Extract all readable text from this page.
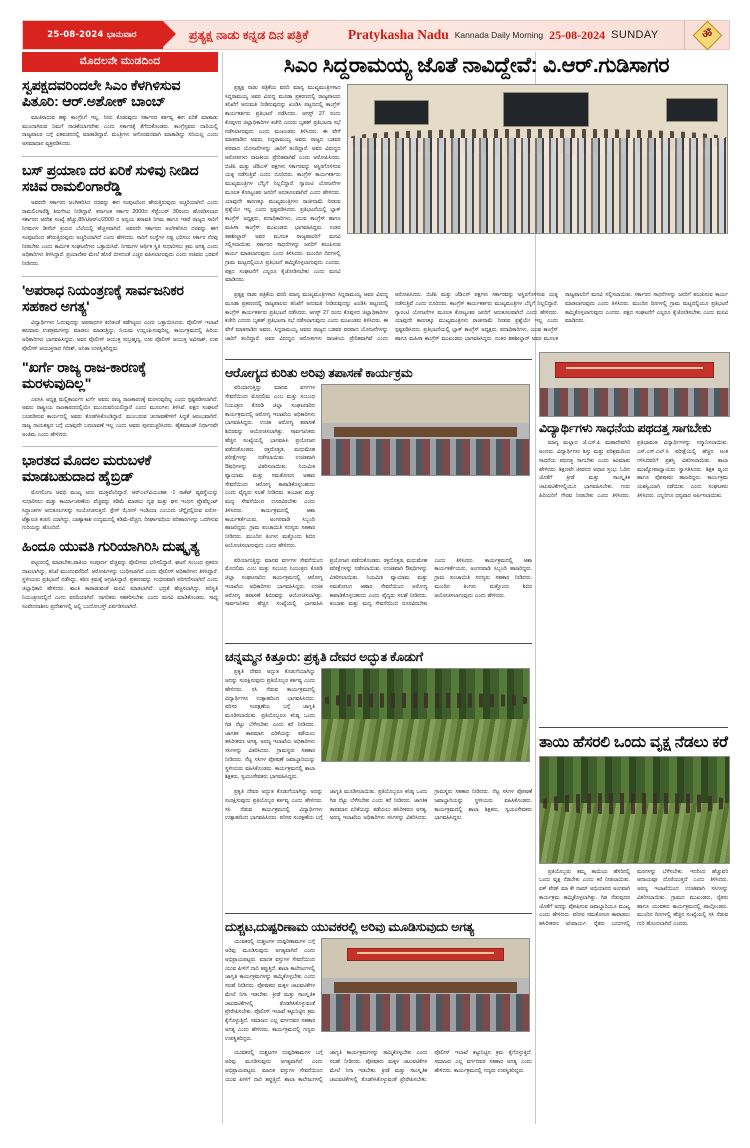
25-08-2024 ಭಾನುವಾರ	ಪ್ರತ್ಯಕ್ಷ ನಾಡು ಕನ್ನಡ ದಿನ ಪತ್ರಿಕೆ	Pratykasha Nadu Kannada Daily Morning 25-08-2024 SUNDAY	ॐ
ಮೊದಲನೇ ಮುಡದಿಂದ
ಸ್ವಪಕ್ಷದವರಿಂದಲೇ ಸಿಎಂ ಕೆಳಗಿಳಿಸುವ ಪಿತೂರಿ: ಆರ್.ಅಶೋಕ್ ಬಾಂಬ್

ಮಾಜಿಸಾಧುವ ಹಕ್ಕು ಕಾಂಗ್ರೆಸಿಗೆ ಇಲ್ಲ, ನೀರು ಕೊಡುವುದು ಸರ್ಕಾರದ ಕರ್ತವ್ಯ ಈಗ ಏರಿಕೆ ಮಾತಾಡು ಮುಂದಾಗಿರುವ ನಿಮಗೆ ನಾಚಿಕೆಯಾಗದೇಕು ಎಂದು ಸರ್ಕಾರಕ್ಕೆ ತೆಗೆದುಕೊಂಡರು. ಕಾಂಗ್ರೆಸ್ಸವರು ದಾರಿಯಲ್ಲಿ ರಾಜ್ಯಪಾಲರ ಬಗ್ಗೆ ಏಕವಚನದಲ್ಲಿ ಮಾತಾಡಿದ್ದಾರೆ. ಮಂತ್ರಿಗಳು ಆಗೊರವದವಾಗಿ ಮಾತಾಡಿದ್ದು ಸರಿಯಲ್ಲ ಎಂದು ಅಸಮಾಧಾನ ವ್ಯಕ್ತಪಡಿಸಿದರು.

ಬಸ್ ಪ್ರಯಾಣ ದರ ಏರಿಕೆ ಸುಳಿವು ನೀಡಿದ ಸಚಿವ ರಾಮಲಿಂಗಾರೆಡ್ಡಿ

ಅವರದೇ ಸರ್ಕಾರದ ಅಂಗೀಕರಿಸಿದ ದರವನ್ನು ಈಗ ಸಂಪುಟದಿಂದ ಹೇರುತ್ತಿರುವುದು ಅಚ್ಚರಿಯಾಗಿದೆ ಎಂದು ರಾಮಲಿಂಗಾರೆಡ್ಡಿ ತಿರುಗೇಟು ನೀಡಿದ್ದಾರೆ. ಕರ್ನಾಟಕ ಸರ್ಕಾರ 2000ದ ಸೆಪ್ಟೆಂಬರ್ 30ರಂದು ಹೊರಡಿಸಲಾದ ಸರ್ಕಾರದ ಆದೇಶ ಸಂಖ್ಯೆ ಹೆಚ್ಚು,85/ಟಿಆರ್‌ಎ/2000 ರ ಅನ್ವಯ ಶರಾವತಿ ನಿಗಮ ಹಾಗೂ ಇತರೆ ರಾಜ್ಯದ ಸಾರಿಗೆ ನಿಗಮಗಳ ಡೀಸೆಲ್ ಕ್ರಯದ ಬೆಲೆಯಲ್ಲಿ ಹೆಚ್ಚಳವಾಗಿದೆ. ಅವರದೇ ಸರ್ಕಾರದ ಅಂಗೀಕರಿಸಿದ ದರವನ್ನು ಈಗ ಸಂಪುಟದಿಂದ ಹೇರುತ್ತಿರುವುದು ಅಚ್ಚರಿಯಾಗಿದೆ ಎಂದು ಹೇಳಿದರು. ಸಾರಿಗೆ ಸಂಸ್ಥೆಗಳ ನಷ್ಟ ಭರಿಸಲು ಸರ್ಕಾರ ನೆರವು ನೀಡಬೇಕು ಎಂದು ಕಾರ್ಮಿಕ ಸಂಘಟನೆಗಳು ಒತ್ತಾಯಿಸಿವೆ. ನಿಗಮಗಳ ಆರ್ಥಿಕ ಸ್ಥಿತಿ ಸುಧಾರಿಸಲು ಕ್ರಮ ಅಗತ್ಯ ಎಂದು ಅಧಿಕಾರಿಗಳು ತಿಳಿಸಿದ್ದಾರೆ. ಪ್ರಯಾಣಿಕರ ಮೇಲೆ ಹೊರೆ ಬೀಳದಂತೆ ಎಚ್ಚರ ವಹಿಸಲಾಗುವುದು ಎಂದು ಸಚಿವರು ಭರವಸೆ ನೀಡಿದರು.

'ಅಪರಾಧ ನಿಯಂತ್ರಣಕ್ಕೆ ಸಾರ್ವಜನಿಕರ ಸಹಕಾರ ಅಗತ್ಯ'

ವಿದ್ಯಾರ್ಥಿಗಳು ಓದುವುದನ್ನು ಅಪರಾಧಗಳ ಕುರಿತಂತೆ ತಡೆಗಟ್ಟಲು ಎಂದು ಒತ್ತಾಯಿಸಿದರು. ಪೊಲೀಸ್ ಇಲಾಖೆ ಹಲವಾರು ಉಪಕ್ರಮಗಳನ್ನು ಮಾಡಲು ಮಾಡುತ್ತಿದ್ದು, ನಿಯಮ ಉಲ್ಲಂಘಿಸುವುದಿಲ್ಲ. ಕಾರ್ಯಕ್ರಮದಲ್ಲಿ ಹಿರಿಯ ಅಧಿಕಾರಿಗಳು ಭಾಗವಹಿಸಿದ್ದರು. ಅವರ ಪೊಲೀಸ್ ಆಯುಕ್ತ ಸುಬ್ರಹ್ಮಣ್ಯ, ಉಪ ಪೊಲೀಸ್ ಆಯುಕ್ತ ಅವಿನಾಶ್, ಉಪ ಪೊಲೀಸ್ ಆಯುಕ್ತರಾದ ಗಿರೀಶ್, ಅನಿತಾ ಉಪಸ್ಥಿತರಿದ್ದರು.

"ಖರ್ಗೆ ರಾಜ್ಯ ರಾಜ-ಕಾರಣಕ್ಕೆ ಮರಳುವುದಿಲ್ಲ"

ಎಐಸಿಸಿ ಅಧ್ಯಕ್ಷ ಮಲ್ಲಿಕಾರ್ಜುನ ಖರ್ಗೆ ಅವರು ರಾಜ್ಯ ರಾಜಕಾರಣಕ್ಕೆ ಮರಳುವುದಿಲ್ಲ ಎಂದು ಸ್ಪಷ್ಟಪಡಿಸಲಾಗಿದೆ. ಅವರು ರಾಷ್ಟ್ರೀಯ ರಾಜಕಾರಣದಲ್ಲಿಯೇ ಮುಂದುವರಿಯಲಿದ್ದಾರೆ ಎಂದು ಮೂಲಗಳು ತಿಳಿಸಿವೆ. ಪಕ್ಷದ ಸಂಘಟನೆ ಬಲಪಡಿಸುವ ಕಾರ್ಯದಲ್ಲಿ ಅವರು ತೊಡಗಿಸಿಕೊಂಡಿದ್ದಾರೆ. ಮುಂಬರುವ ಚುನಾವಣೆಗಳಿಗೆ ಸಿದ್ಧತೆ ಆರಂಭವಾಗಿದೆ. ರಾಜ್ಯ ನಾಯಕತ್ವದ ಬಗ್ಗೆ ಯಾವುದೇ ಬದಲಾವಣೆ ಇಲ್ಲ ಎಂದು ಅವರು ಪುನರುಚ್ಚರಿಸಿದರು. ಹೈಕಮಾಂಡ್ ನಿರ್ಧಾರವೇ ಅಂತಿಮ ಎಂದು ಹೇಳಿದರು.

ಭಾರತದ ಮೊದಲ ಮರುಬಳಕೆ ಮಾಡಬಹುದಾದ ಹೈಬ್ರಿಡ್

ಮೊಗಲಿಂಗಂ ಅವಧಿ ಮುಖ್ಯ ಅಣು ಮುಕ್ತವೆಂದಿದ್ದಾರೆ. ಆರ್‌ಎಲ್‌ವಿಯಂತಹ -1 ರಾಕೆಟ್ ವ್ಯವಸ್ಥೆಯನ್ನು ಸುಧಾರಿಸಲು ಮತ್ತು ಕಾರ್ಯಾಚರಣೆಯ ವೆಚ್ಚವನ್ನು ಕಡಿಮೆ ಮಾಡಲು ದೃಢ ಮತ್ತು ಘನ ಇಂಧನ ಪ್ರೊಪೆಲ್ಲಂಟ್ ಸಿದ್ಧಾಂತಗಳ ಅನುಕೂಲಗಳನ್ನು ಸಂಯೋಜಿಸುತ್ತದೆ. ಸ್ಪೇಸ್ ಝೋನ್ ಇಂಡಿಯಾ ಎಂಬುದು ಚೆನ್ನೈನಲ್ಲಿರುವ ಏರೋ-ಟೆಕ್ನಾಲಜಿ ಕಂಪನಿ ಯಾಗಿದ್ದು, ಬಾಹ್ಯಾಕಾಶ ಉದ್ಯಮದಲ್ಲಿ ಕಡಿಮೆ-ವೆಚ್ಚದ, ದೀರ್ಘಾವಧಿಯ ಪರಿಹಾರಗಳನ್ನು ಒದಗಿಸುವ ಗುರಿಯನ್ನು ಹೊಂದಿದೆ.

ಹಿಂದೂ ಯುವತಿ ಗುರಿಯಾಗಿರಿಸಿ ದುಷ್ಕೃತ್ಯ

ಪಟ್ಟಣದಲ್ಲಿ ಮಾಡಬೇಕು,ಪಾತಿಯ ಸಂಪೂರ್ಣ ವೆಚ್ಚವನ್ನು ಪೊಲೀಸರು ಭರಿಸಲಿದ್ದಾರೆ. ಘಟನೆ ಸಂಬಂಧ ಪ್ರಕರಣ ದಾಖಲಾಗಿದ್ದು, ತನಿಖೆ ಮುಂದುವರೆದಿದೆ. ಆರೋಪಿಗಳನ್ನು ಬಂಧಿಸಲಾಗಿದೆ ಎಂದು ಪೊಲೀಸ್ ಅಧಿಕಾರಿಗಳು ತಿಳಿಸಿದ್ದಾರೆ. ಸ್ಥಳೀಯರು ಪ್ರತಿಭಟನೆ ನಡೆಸಿದ್ದು, ಕಠಿಣ ಕ್ರಮಕ್ಕೆ ಆಗ್ರಹಿಸಿದ್ದಾರೆ. ಪ್ರಕರಣವನ್ನು ಗಂಭೀರವಾಗಿ ಪರಿಗಣಿಸಲಾಗಿದೆ ಎಂದು ಜಿಲ್ಲಾಧಿಕಾರಿ ಹೇಳಿದರು. ಶಾಂತಿ ಕಾಪಾಡುವಂತೆ ಮನವಿ ಮಾಡಲಾಗಿದೆ. ಭದ್ರತೆ ಹೆಚ್ಚಿಸಲಾಗಿದ್ದು, ಪರಿಸ್ಥಿತಿ ನಿಯಂತ್ರಣದಲ್ಲಿದೆ ಎಂದು ವರದಿಯಾಗಿದೆ. ನಾಗರಿಕರು ಸಹಕರಿಸಬೇಕು ಎಂದು ಮನವಿ ಮಾಡಿಕೊಂಡರು. ಸಾಧ್ಯ ಸಂವೇದನಾಶೀಲ ಪ್ರದೇಶಗಳಲ್ಲಿ ಅಲ್ಲಿ ಬಂದೋಬಸ್ತ್ ಏರ್ಪಡಿಸಲಾಗಿದೆ.

ಸಿಎಂ ಸಿದ್ದರಾಮಯ್ಯ ಜೊತೆ ನಾವಿದ್ದೇವೆ: ವಿ.ಆರ್.ಗುಡಿಸಾಗರ

ಪ್ರತ್ಯಕ್ಷ ನಾಡು ಪತ್ರಿಕೆಯ ವರದಿ ಮಾನ್ಯ ಮುಖ್ಯಮಂತ್ರಿಗಳಾದ ಸಿದ್ದರಾಮಯ್ಯ ಅವರ ವಿರುದ್ಧ ಮೂಡಾ ಪ್ರಕರಣದಲ್ಲಿ ರಾಜ್ಯಪಾಲರು ತನಿಖೆಗೆ ಅನುಮತಿ ನೀಡಿರುವುದನ್ನು ಖಂಡಿಸಿ ಪಟ್ಟಣದಲ್ಲಿ ಕಾಂಗ್ರೆಸ್ ಕಾರ್ಯಕರ್ತರು ಪ್ರತಿಭಟನೆ ನಡೆಸಿದರು. ಆಗಸ್ಟ್ 27 ರಂದು ಕೊಪ್ಪಳದ ಜಿಲ್ಲಾಧಿಕಾರಿಗಳ ಕಚೇರಿ ಎದುರು ಬೃಹತ್ ಪ್ರತಿಭಟನಾ ಸಭೆ ನಡೆಸಲಾಗುವುದು ಎಂದು ಮುಖಂಡರು ತಿಳಿಸಿದರು. ಈ ವೇಳೆ ಮಾತನಾಡಿದ ಅವರು, ಸಿದ್ದರಾಮಯ್ಯ ಅವರು ರಾಜ್ಯದ ಬಡವರ ಪರವಾದ ಯೋಜನೆಗಳನ್ನು ಜಾರಿಗೆ ತಂದಿದ್ದಾರೆ. ಅವರ ವಿರುದ್ಧದ ಆರೋಪಗಳು ರಾಜಕೀಯ ಪ್ರೇರಿತವಾಗಿವೆ ಎಂದು ಆರೋಪಿಸಿದರು. ಬಿಜೆಪಿ ಮತ್ತು ಜೆಡಿಎಸ್ ಪಕ್ಷಗಳು ಸರ್ಕಾರವನ್ನು ಅಸ್ಥಿರಗೊಳಿಸುವ ಯತ್ನ ನಡೆಸುತ್ತಿವೆ ಎಂದು ದೂರಿದರು. ಕಾಂಗ್ರೆಸ್ ಕಾರ್ಯಕರ್ತರು ಮುಖ್ಯಮಂತ್ರಿಗಳ ಬೆನ್ನಿಗೆ ನಿಲ್ಲಲಿದ್ದಾರೆ. ಗ್ಯಾರಂಟಿ ಯೋಜನೆಗಳ ಮೂಲಕ ಕೋಟ್ಯಂತರ ಜನರಿಗೆ ಅನುಕೂಲವಾಗಿದೆ ಎಂದು ಹೇಳಿದರು. ಯಾವುದೇ ಕಾರಣಕ್ಕೂ ಮುಖ್ಯಮಂತ್ರಿಗಳು ರಾಜೀನಾಮೆ ನೀಡುವ ಪ್ರಶ್ನೆಯೇ ಇಲ್ಲ ಎಂದು ಸ್ಪಷ್ಟಪಡಿಸಿದರು. ಪ್ರತಿಭಟನೆಯಲ್ಲಿ ಬ್ಲಾಕ್ ಕಾಂಗ್ರೆಸ್ ಅಧ್ಯಕ್ಷರು, ಪದಾಧಿಕಾರಿಗಳು, ಯುವ ಕಾಂಗ್ರೆಸ್ ಹಾಗೂ ಮಹಿಳಾ ಕಾಂಗ್ರೆಸ್ ಮುಖಂಡರು ಭಾಗವಹಿಸಿದ್ದರು. ನಂತರ ತಹಶೀಲ್ದಾರ್ ಅವರ ಮೂಲಕ ರಾಜ್ಯಪಾಲರಿಗೆ ಮನವಿ ಸಲ್ಲಿಸಲಾಯಿತು. ಸರ್ಕಾರದ ಸಾಧನೆಗಳನ್ನು ಜನರಿಗೆ ತಲುಪಿಸುವ ಕಾರ್ಯ ಮಾಡಲಾಗುವುದು ಎಂದು ತಿಳಿಸಿದರು. ಮುಂದಿನ ದಿನಗಳಲ್ಲಿ ಗ್ರಾಮ ಮಟ್ಟದಲ್ಲಿಯೂ ಪ್ರತಿಭಟನೆ ಹಮ್ಮಿಕೊಳ್ಳಲಾಗುವುದು ಎಂದರು. ಪಕ್ಷದ ಸಂಘಟನೆಗೆ ಎಲ್ಲರೂ ಕೈಜೋಡಿಸಬೇಕು ಎಂದು ಮನವಿ ಮಾಡಿದರು.

ಪ್ರತ್ಯಕ್ಷ ನಾಡು ಪತ್ರಿಕೆಯ ವರದಿ ಮಾನ್ಯ ಮುಖ್ಯಮಂತ್ರಿಗಳಾದ ಸಿದ್ದರಾಮಯ್ಯ ಅವರ ವಿರುದ್ಧ ಮೂಡಾ ಪ್ರಕರಣದಲ್ಲಿ ರಾಜ್ಯಪಾಲರು ತನಿಖೆಗೆ ಅನುಮತಿ ನೀಡಿರುವುದನ್ನು ಖಂಡಿಸಿ ಪಟ್ಟಣದಲ್ಲಿ ಕಾಂಗ್ರೆಸ್ ಕಾರ್ಯಕರ್ತರು ಪ್ರತಿಭಟನೆ ನಡೆಸಿದರು. ಆಗಸ್ಟ್ 27 ರಂದು ಕೊಪ್ಪಳದ ಜಿಲ್ಲಾಧಿಕಾರಿಗಳ ಕಚೇರಿ ಎದುರು ಬೃಹತ್ ಪ್ರತಿಭಟನಾ ಸಭೆ ನಡೆಸಲಾಗುವುದು ಎಂದು ಮುಖಂಡರು ತಿಳಿಸಿದರು. ಈ ವೇಳೆ ಮಾತನಾಡಿದ ಅವರು, ಸಿದ್ದರಾಮಯ್ಯ ಅವರು ರಾಜ್ಯದ ಬಡವರ ಪರವಾದ ಯೋಜನೆಗಳನ್ನು ಜಾರಿಗೆ ತಂದಿದ್ದಾರೆ. ಅವರ ವಿರುದ್ಧದ ಆರೋಪಗಳು ರಾಜಕೀಯ ಪ್ರೇರಿತವಾಗಿವೆ ಎಂದು ಆರೋಪಿಸಿದರು. ಬಿಜೆಪಿ ಮತ್ತು ಜೆಡಿಎಸ್ ಪಕ್ಷಗಳು ಸರ್ಕಾರವನ್ನು ಅಸ್ಥಿರಗೊಳಿಸುವ ಯತ್ನ ನಡೆಸುತ್ತಿವೆ ಎಂದು ದೂರಿದರು. ಕಾಂಗ್ರೆಸ್ ಕಾರ್ಯಕರ್ತರು ಮುಖ್ಯಮಂತ್ರಿಗಳ ಬೆನ್ನಿಗೆ ನಿಲ್ಲಲಿದ್ದಾರೆ. ಗ್ಯಾರಂಟಿ ಯೋಜನೆಗಳ ಮೂಲಕ ಕೋಟ್ಯಂತರ ಜನರಿಗೆ ಅನುಕೂಲವಾಗಿದೆ ಎಂದು ಹೇಳಿದರು. ಯಾವುದೇ ಕಾರಣಕ್ಕೂ ಮುಖ್ಯಮಂತ್ರಿಗಳು ರಾಜೀನಾಮೆ ನೀಡುವ ಪ್ರಶ್ನೆಯೇ ಇಲ್ಲ ಎಂದು ಸ್ಪಷ್ಟಪಡಿಸಿದರು. ಪ್ರತಿಭಟನೆಯಲ್ಲಿ ಬ್ಲಾಕ್ ಕಾಂಗ್ರೆಸ್ ಅಧ್ಯಕ್ಷರು, ಪದಾಧಿಕಾರಿಗಳು, ಯುವ ಕಾಂಗ್ರೆಸ್ ಹಾಗೂ ಮಹಿಳಾ ಕಾಂಗ್ರೆಸ್ ಮುಖಂಡರು ಭಾಗವಹಿಸಿದ್ದರು. ನಂತರ ತಹಶೀಲ್ದಾರ್ ಅವರ ಮೂಲಕ ರಾಜ್ಯಪಾಲರಿಗೆ ಮನವಿ ಸಲ್ಲಿಸಲಾಯಿತು. ಸರ್ಕಾರದ ಸಾಧನೆಗಳನ್ನು ಜನರಿಗೆ ತಲುಪಿಸುವ ಕಾರ್ಯ ಮಾಡಲಾಗುವುದು ಎಂದು ತಿಳಿಸಿದರು. ಮುಂದಿನ ದಿನಗಳಲ್ಲಿ ಗ್ರಾಮ ಮಟ್ಟದಲ್ಲಿಯೂ ಪ್ರತಿಭಟನೆ ಹಮ್ಮಿಕೊಳ್ಳಲಾಗುವುದು ಎಂದರು. ಪಕ್ಷದ ಸಂಘಟನೆಗೆ ಎಲ್ಲರೂ ಕೈಜೋಡಿಸಬೇಕು ಎಂದು ಮನವಿ ಮಾಡಿದರು.

ಆರೋಗ್ಯದ ಕುರಿತು ಅರಿವು ತಪಾಸಣೆ ಕಾರ್ಯಕ್ರಮ

ಪರಿಯಾಗುತ್ತಿದ್ದು ಮಾನವ ವರ್ಗಗಳ ಸೇವನೆಯಿಂದ ಮೊದಲಿಮ ಎಂಬ ಮತ್ತು ಸಂಬಂಧ ನಿಯಂತ್ರಣ ಕೊಠಡಿ ಜಿಲ್ಲಾ ಸಂಘಟನಾರಿದ ಕಾರ್ಯಕ್ರಮದಲ್ಲಿ ಆರೋಗ್ಯ ಇಲಾಖೆಯ ಅಧಿಕಾರಿಗಳು ಭಾಗವಹಿಸಿದ್ದರು. ಉಚಿತ ಆರೋಗ್ಯ ತಪಾಸಣೆ ಶಿಬಿರವನ್ನು ಆಯೋಜಿಸಲಾಗಿತ್ತು. ಸಾರ್ವಜನಿಕರು ಹೆಚ್ಚಿನ ಸಂಖ್ಯೆಯಲ್ಲಿ ಭಾಗವಹಿಸಿ ಪ್ರಯೋಜನ ಪಡೆದುಕೊಂಡರು. ರಕ್ತದೊತ್ತಡ, ಮಧುಮೇಹ ಪರೀಕ್ಷೆಗಳನ್ನು ನಡೆಸಲಾಯಿತು. ಉಚಿತವಾಗಿ ಔಷಧಿಗಳನ್ನು ವಿತರಿಸಲಾಯಿತು. ನಿಯಮಿತ ವ್ಯಾಯಾಮ ಮತ್ತು ಸಮತೋಲನ ಆಹಾರ ಸೇವನೆಯಿಂದ ಆರೋಗ್ಯ ಕಾಪಾಡಿಕೊಳ್ಳಬಹುದು ಎಂದು ವೈದ್ಯರು ಸಲಹೆ ನೀಡಿದರು. ತಂಬಾಕು ಮತ್ತು ಮದ್ಯ ಸೇವನೆಯಿಂದ ದೂರವಿರಬೇಕು ಎಂದು ತಿಳಿಸಿದರು. ಕಾರ್ಯಕ್ರಮದಲ್ಲಿ ಆಶಾ ಕಾರ್ಯಕರ್ತೆಯರು, ಅಂಗನವಾಡಿ ಸಿಬ್ಬಂದಿ ಹಾಜರಿದ್ದರು. ಗ್ರಾಮ ಪಂಚಾಯಿತಿ ಸದಸ್ಯರು ಸಹಕಾರ ನೀಡಿದರು. ಮುಂದಿನ ತಿಂಗಳು ಮತ್ತೊಂದು ಶಿಬಿರ ಆಯೋಜಿಸಲಾಗುವುದು ಎಂದು ಹೇಳಿದರು.

ಪರಿಯಾಗುತ್ತಿದ್ದು ಮಾನವ ವರ್ಗಗಳ ಸೇವನೆಯಿಂದ ಮೊದಲಿಮ ಎಂಬ ಮತ್ತು ಸಂಬಂಧ ನಿಯಂತ್ರಣ ಕೊಠಡಿ ಜಿಲ್ಲಾ ಸಂಘಟನಾರಿದ ಕಾರ್ಯಕ್ರಮದಲ್ಲಿ ಆರೋಗ್ಯ ಇಲಾಖೆಯ ಅಧಿಕಾರಿಗಳು ಭಾಗವಹಿಸಿದ್ದರು. ಉಚಿತ ಆರೋಗ್ಯ ತಪಾಸಣೆ ಶಿಬಿರವನ್ನು ಆಯೋಜಿಸಲಾಗಿತ್ತು. ಸಾರ್ವಜನಿಕರು ಹೆಚ್ಚಿನ ಸಂಖ್ಯೆಯಲ್ಲಿ ಭಾಗವಹಿಸಿ ಪ್ರಯೋಜನ ಪಡೆದುಕೊಂಡರು. ರಕ್ತದೊತ್ತಡ, ಮಧುಮೇಹ ಪರೀಕ್ಷೆಗಳನ್ನು ನಡೆಸಲಾಯಿತು. ಉಚಿತವಾಗಿ ಔಷಧಿಗಳನ್ನು ವಿತರಿಸಲಾಯಿತು. ನಿಯಮಿತ ವ್ಯಾಯಾಮ ಮತ್ತು ಸಮತೋಲನ ಆಹಾರ ಸೇವನೆಯಿಂದ ಆರೋಗ್ಯ ಕಾಪಾಡಿಕೊಳ್ಳಬಹುದು ಎಂದು ವೈದ್ಯರು ಸಲಹೆ ನೀಡಿದರು. ತಂಬಾಕು ಮತ್ತು ಮದ್ಯ ಸೇವನೆಯಿಂದ ದೂರವಿರಬೇಕು ಎಂದು ತಿಳಿಸಿದರು. ಕಾರ್ಯಕ್ರಮದಲ್ಲಿ ಆಶಾ ಕಾರ್ಯಕರ್ತೆಯರು, ಅಂಗನವಾಡಿ ಸಿಬ್ಬಂದಿ ಹಾಜರಿದ್ದರು. ಗ್ರಾಮ ಪಂಚಾಯಿತಿ ಸದಸ್ಯರು ಸಹಕಾರ ನೀಡಿದರು. ಮುಂದಿನ ತಿಂಗಳು ಮತ್ತೊಂದು ಶಿಬಿರ ಆಯೋಜಿಸಲಾಗುವುದು ಎಂದು ಹೇಳಿದರು.

ಚನ್ನಮ್ಮನ ಕಿತ್ತೂರು: ಪ್ರಕೃತಿ ದೇವರ ಅದ್ಭುತ ಕೊಡುಗೆ

ಪ್ರಕೃತಿ ದೇವರ ಅದ್ಭುತ ಕೊಡುಗೆಯಾಗಿದ್ದು ಅದನ್ನು ಸಂರಕ್ಷಿಸುವುದು ಪ್ರತಿಯೊಬ್ಬರ ಕರ್ತವ್ಯ ಎಂದು ಹೇಳಿದರು. ಸಸಿ ನೆಡುವ ಕಾರ್ಯಕ್ರಮದಲ್ಲಿ ವಿದ್ಯಾರ್ಥಿಗಳು ಉತ್ಸಾಹದಿಂದ ಭಾಗವಹಿಸಿದರು. ಪರಿಸರ ಸಂರಕ್ಷಣೆಯ ಬಗ್ಗೆ ಜಾಗೃತಿ ಮೂಡಿಸಲಾಯಿತು. ಪ್ರತಿಯೊಬ್ಬರೂ ಕನಿಷ್ಠ ಒಂದು ಗಿಡ ನೆಟ್ಟು ಬೆಳೆಸಬೇಕು ಎಂದು ಕರೆ ನೀಡಿದರು. ಜಾಗತಿಕ ತಾಪಮಾನ ಏರಿಕೆಯನ್ನು ತಡೆಯಲು ಹಸಿರೀಕರಣ ಅಗತ್ಯ. ಅರಣ್ಯ ಇಲಾಖೆಯ ಅಧಿಕಾರಿಗಳು ಸಸಿಗಳನ್ನು ವಿತರಿಸಿದರು. ಗ್ರಾಮಸ್ಥರು ಸಹಕಾರ ನೀಡಿದರು. ನೆಟ್ಟ ಸಸಿಗಳ ಪೋಷಣೆ ಜವಾಬ್ದಾರಿಯನ್ನು ಸ್ಥಳೀಯರು ವಹಿಸಿಕೊಂಡರು. ಕಾರ್ಯಕ್ರಮದಲ್ಲಿ ಶಾಲಾ ಶಿಕ್ಷಕರು, ಸ್ವಯಂಸೇವಕರು ಭಾಗವಹಿಸಿದ್ದರು.

ಪ್ರಕೃತಿ ದೇವರ ಅದ್ಭುತ ಕೊಡುಗೆಯಾಗಿದ್ದು ಅದನ್ನು ಸಂರಕ್ಷಿಸುವುದು ಪ್ರತಿಯೊಬ್ಬರ ಕರ್ತವ್ಯ ಎಂದು ಹೇಳಿದರು. ಸಸಿ ನೆಡುವ ಕಾರ್ಯಕ್ರಮದಲ್ಲಿ ವಿದ್ಯಾರ್ಥಿಗಳು ಉತ್ಸಾಹದಿಂದ ಭಾಗವಹಿಸಿದರು. ಪರಿಸರ ಸಂರಕ್ಷಣೆಯ ಬಗ್ಗೆ ಜಾಗೃತಿ ಮೂಡಿಸಲಾಯಿತು. ಪ್ರತಿಯೊಬ್ಬರೂ ಕನಿಷ್ಠ ಒಂದು ಗಿಡ ನೆಟ್ಟು ಬೆಳೆಸಬೇಕು ಎಂದು ಕರೆ ನೀಡಿದರು. ಜಾಗತಿಕ ತಾಪಮಾನ ಏರಿಕೆಯನ್ನು ತಡೆಯಲು ಹಸಿರೀಕರಣ ಅಗತ್ಯ. ಅರಣ್ಯ ಇಲಾಖೆಯ ಅಧಿಕಾರಿಗಳು ಸಸಿಗಳನ್ನು ವಿತರಿಸಿದರು. ಗ್ರಾಮಸ್ಥರು ಸಹಕಾರ ನೀಡಿದರು. ನೆಟ್ಟ ಸಸಿಗಳ ಪೋಷಣೆ ಜವಾಬ್ದಾರಿಯನ್ನು ಸ್ಥಳೀಯರು ವಹಿಸಿಕೊಂಡರು. ಕಾರ್ಯಕ್ರಮದಲ್ಲಿ ಶಾಲಾ ಶಿಕ್ಷಕರು, ಸ್ವಯಂಸೇವಕರು ಭಾಗವಹಿಸಿದ್ದರು.

ದುಶ್ಚಟ,ದುಷ್ಪರಿಣಾಮ ಯುವಕರಲ್ಲಿ ಅರಿವು ಮೂಡಿಸುವುದು ಅಗತ್ಯ

ಯುವಕರಲ್ಲಿ ದುಶ್ಚಟಗಳ ದುಷ್ಪರಿಣಾಮಗಳ ಬಗ್ಗೆ ಅರಿವು ಮೂಡಿಸುವುದು ಅಗತ್ಯವಾಗಿದೆ ಎಂದು ಅಭಿಪ್ರಾಯಪಟ್ಟರು. ಮಾದಕ ವಸ್ತುಗಳ ಸೇವನೆಯಿಂದ ಯುವ ಪೀಳಿಗೆ ದಾರಿ ತಪ್ಪುತ್ತಿದೆ. ಶಾಲಾ ಕಾಲೇಜುಗಳಲ್ಲಿ ಜಾಗೃತಿ ಕಾರ್ಯಕ್ರಮಗಳನ್ನು ಹಮ್ಮಿಕೊಳ್ಳಬೇಕು ಎಂದು ಸಲಹೆ ನೀಡಿದರು. ಪೋಷಕರು ಮಕ್ಕಳ ಚಟುವಟಿಕೆಗಳ ಮೇಲೆ ನಿಗಾ ಇಡಬೇಕು. ಕ್ರೀಡೆ ಮತ್ತು ಸಾಂಸ್ಕೃತಿಕ ಚಟುವಟಿಕೆಗಳಲ್ಲಿ ತೊಡಗಿಸಿಕೊಳ್ಳುವಂತೆ ಪ್ರೇರೇಪಿಸಬೇಕು. ಪೊಲೀಸ್ ಇಲಾಖೆ ಕಟ್ಟುನಿಟ್ಟಿನ ಕ್ರಮ ಕೈಗೊಳ್ಳುತ್ತಿದೆ. ಸಮಾಜದ ಎಲ್ಲ ವರ್ಗದವರ ಸಹಕಾರ ಅಗತ್ಯ ಎಂದು ಹೇಳಿದರು. ಕಾರ್ಯಕ್ರಮದಲ್ಲಿ ಗಣ್ಯರು ಉಪಸ್ಥಿತರಿದ್ದರು.

ಯುವಕರಲ್ಲಿ ದುಶ್ಚಟಗಳ ದುಷ್ಪರಿಣಾಮಗಳ ಬಗ್ಗೆ ಅರಿವು ಮೂಡಿಸುವುದು ಅಗತ್ಯವಾಗಿದೆ ಎಂದು ಅಭಿಪ್ರಾಯಪಟ್ಟರು. ಮಾದಕ ವಸ್ತುಗಳ ಸೇವನೆಯಿಂದ ಯುವ ಪೀಳಿಗೆ ದಾರಿ ತಪ್ಪುತ್ತಿದೆ. ಶಾಲಾ ಕಾಲೇಜುಗಳಲ್ಲಿ ಜಾಗೃತಿ ಕಾರ್ಯಕ್ರಮಗಳನ್ನು ಹಮ್ಮಿಕೊಳ್ಳಬೇಕು ಎಂದು ಸಲಹೆ ನೀಡಿದರು. ಪೋಷಕರು ಮಕ್ಕಳ ಚಟುವಟಿಕೆಗಳ ಮೇಲೆ ನಿಗಾ ಇಡಬೇಕು. ಕ್ರೀಡೆ ಮತ್ತು ಸಾಂಸ್ಕೃತಿಕ ಚಟುವಟಿಕೆಗಳಲ್ಲಿ ತೊಡಗಿಸಿಕೊಳ್ಳುವಂತೆ ಪ್ರೇರೇಪಿಸಬೇಕು. ಪೊಲೀಸ್ ಇಲಾಖೆ ಕಟ್ಟುನಿಟ್ಟಿನ ಕ್ರಮ ಕೈಗೊಳ್ಳುತ್ತಿದೆ. ಸಮಾಜದ ಎಲ್ಲ ವರ್ಗದವರ ಸಹಕಾರ ಅಗತ್ಯ ಎಂದು ಹೇಳಿದರು. ಕಾರ್ಯಕ್ರಮದಲ್ಲಿ ಗಣ್ಯರು ಉಪಸ್ಥಿತರಿದ್ದರು.

ವಿದ್ಯಾರ್ಥಿಗಳು ಸಾಧನೆಯ ಪಥದತ್ತ ಸಾಗಬೇಕು

ಮಾನ್ಯ ಮಲ್ಲಾದ ಜೆ.ಎಸ್.ಪಿ ಮಹಾದೇವಗಿರಿ ಅಂದರು. ವಿದ್ಯಾರ್ಥಿಗಳು ಶಿಸ್ತು ಮತ್ತು ಪರಿಶ್ರಮದಿಂದ ಸಾಧನೆಯ ಪಥದತ್ತ ಸಾಗಬೇಕು ಎಂದು ಕಿವಿಮಾತು ಹೇಳಿದರು. ಶಿಕ್ಷಣವೇ ಜೀವನದ ಆಧಾರ ಸ್ತಂಭ. ಓದಿನ ಜೊತೆಗೆ ಕ್ರೀಡೆ ಮತ್ತು ಸಾಂಸ್ಕೃತಿಕ ಚಟುವಟಿಕೆಗಳಲ್ಲಿಯೂ ಭಾಗವಹಿಸಬೇಕು. ಗುರು ಹಿರಿಯರಿಗೆ ಗೌರವ ನೀಡಬೇಕು ಎಂದು ತಿಳಿಸಿದರು. ಪ್ರತಿಭಾವಂತ ವಿದ್ಯಾರ್ಥಿಗಳನ್ನು ಸನ್ಮಾನಿಸಲಾಯಿತು. ಎಸ್.ಎಸ್.ಎಲ್.ಸಿ ಪರೀಕ್ಷೆಯಲ್ಲಿ ಹೆಚ್ಚಿನ ಅಂಕ ಗಳಿಸಿದವರಿಗೆ ಪ್ರಶಸ್ತಿ ವಿತರಿಸಲಾಯಿತು. ಶಾಲಾ ಮುಖ್ಯೋಪಾಧ್ಯಾಯರು ಸ್ವಾಗತಿಸಿದರು. ಶಿಕ್ಷಕ ವೃಂದ ಹಾಗೂ ಪೋಷಕರು ಹಾಜರಿದ್ದರು. ಕಾರ್ಯಕ್ರಮ ಯಶಸ್ವಿಯಾಗಿ ನಡೆಯಿತು ಎಂದು ಸಂಘಟಕರು ತಿಳಿಸಿದರು. ಎಲ್ಲರಿಗೂ ಧನ್ಯವಾದ ಅರ್ಪಿಸಲಾಯಿತು.

ತಾಯಿ ಹೆಸರಲಿ ಒಂದು ವೃಕ್ಷ ನೆಡಲು ಕರೆ

ಪ್ರತಿಯೊಬ್ಬರು ತಮ್ಮ ತಾಯಿಯ ಹೆಸರಿನಲ್ಲಿ ಒಂದು ವೃಕ್ಷ ನೆಡಬೇಕು ಎಂದು ಕರೆ ನೀಡಲಾಯಿತು. ಏಕ್ ಪೇಡ್ ಮಾ ಕೇ ನಾಮ್ ಅಭಿಯಾನದ ಅಂಗವಾಗಿ ಕಾರ್ಯಕ್ರಮ ಹಮ್ಮಿಕೊಳ್ಳಲಾಗಿತ್ತು. ಗಿಡ ನೆಡುವುದರ ಜೊತೆಗೆ ಅದನ್ನು ಪೋಷಿಸುವ ಜವಾಬ್ದಾರಿಯೂ ಮುಖ್ಯ ಎಂದು ಹೇಳಿದರು. ಪರಿಸರ ಸಮತೋಲನ ಕಾಪಾಡಲು ಹಸಿರೀಕರಣ ಅನಿವಾರ್ಯ. ರೈತರು ಬದುಗಳಲ್ಲಿ ಮರಗಳನ್ನು ಬೆಳೆಸಬೇಕು. ಇದರಿಂದ ಹೆಚ್ಚುವರಿ ಆದಾಯವೂ ದೊರೆಯುತ್ತದೆ ಎಂದು ತಿಳಿಸಿದರು. ಅರಣ್ಯ ಇಲಾಖೆಯಿಂದ ಉಚಿತವಾಗಿ ಸಸಿಗಳನ್ನು ವಿತರಿಸಲಾಯಿತು. ಗ್ರಾಮದ ಮುಖಂಡರು, ರೈತರು ಹಾಗೂ ಯುವಕರು ಕಾರ್ಯಕ್ರಮದಲ್ಲಿ ಪಾಲ್ಗೊಂಡರು. ಮುಂದಿನ ದಿನಗಳಲ್ಲಿ ಹೆಚ್ಚಿನ ಸಂಖ್ಯೆಯಲ್ಲಿ ಸಸಿ ನೆಡುವ ಗುರಿ ಹೊಂದಲಾಗಿದೆ ಎಂದರು.
